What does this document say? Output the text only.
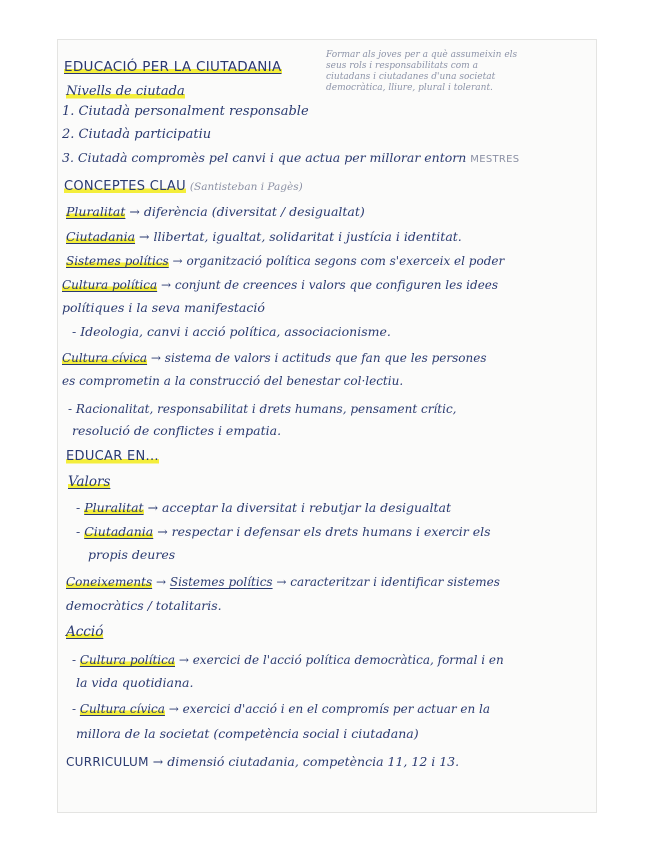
EDUCACIÓ PER LA CIUTADANIA
Formar als joves per a què assumeixin els
seus rols i responsabilitats com a
ciutadans i ciutadanes d'una societat
democràtica, lliure, plural i tolerant.
Nivells de ciutada
1. Ciutadà personalment responsable
2. Ciutadà participatiu
3. Ciutadà compromès pel canvi i que actua per millorar entorn MESTRES
CONCEPTES CLAU (Santisteban i Pagès)
Pluralitat → diferència (diversitat / desigualtat)
Ciutadania → llibertat, igualtat, solidaritat i justícia i identitat.
Sistemes polítics → organització política segons com s'exerceix el poder
Cultura política → conjunt de creences i valors que configuren les idees
polítiques i la seva manifestació
- Ideologia, canvi i acció política, associacionisme.
Cultura cívica → sistema de valors i actituds que fan que les persones
es comprometin a la construcció del benestar col·lectiu.
- Racionalitat, responsabilitat i drets humans, pensament crític,
resolució de conflictes i empatia.
EDUCAR EN...
Valors
- Pluralitat → acceptar la diversitat i rebutjar la desigualtat
- Ciutadania → respectar i defensar els drets humans i exercir els
propis deures
Coneixements → Sistemes polítics → caracteritzar i identificar sistemes
democràtics / totalitaris.
Acció
- Cultura política → exercici de l'acció política democràtica, formal i en
la vida quotidiana.
- Cultura cívica → exercici d'acció i en el compromís per actuar en la
millora de la societat (competència social i ciutadana)
CURRICULUM → dimensió ciutadania, competència 11, 12 i 13.
